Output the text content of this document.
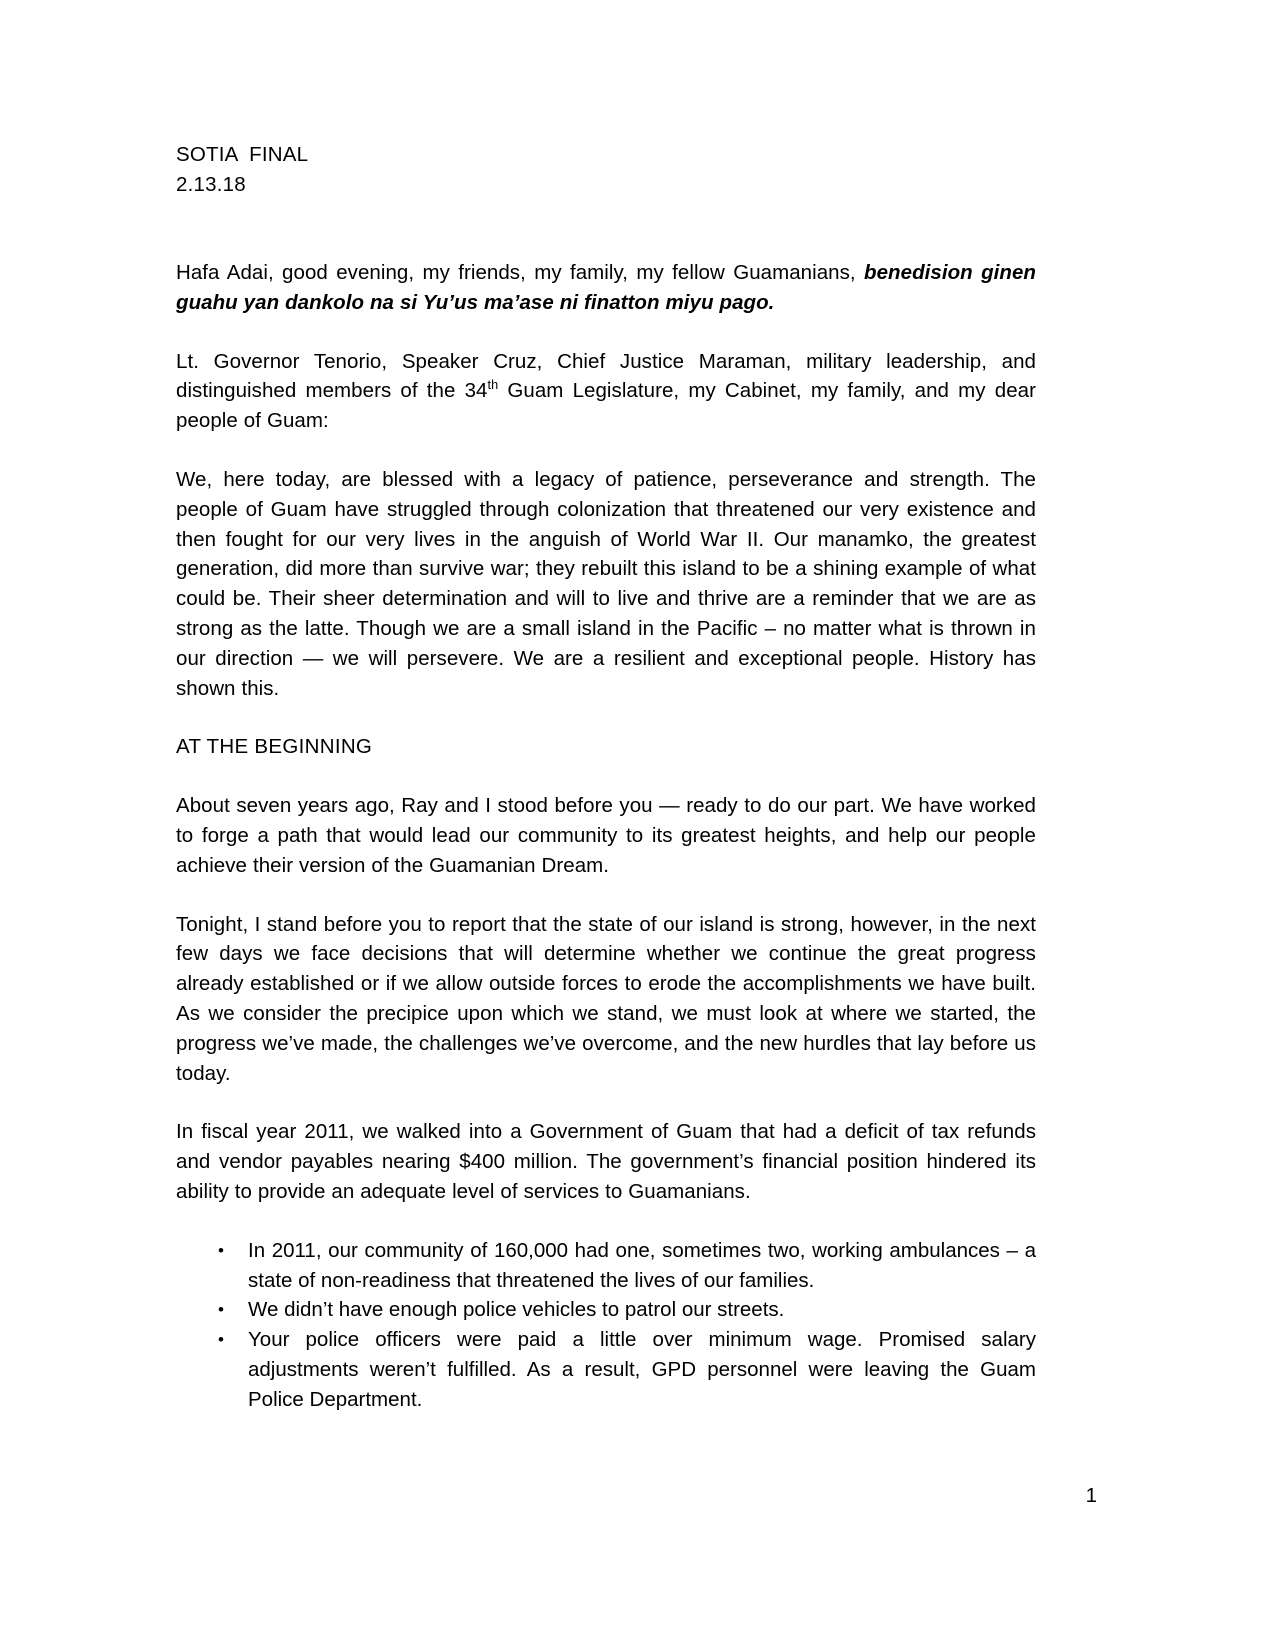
SOTIA  FINAL
2.13.18

Hafa Adai, good evening, my friends, my family, my fellow Guamanians, benedision ginen guahu yan dankolo na si Yu’us ma’ase ni finatton miyu pago.

Lt. Governor Tenorio, Speaker Cruz, Chief Justice Maraman, military leadership, and distinguished members of the 34th Guam Legislature, my Cabinet, my family, and my dear people of Guam:

We, here today, are blessed with a legacy of patience, perseverance and strength. The people of Guam have struggled through colonization that threatened our very existence and then fought for our very lives in the anguish of World War II. Our manamko, the greatest generation, did more than survive war; they rebuilt this island to be a shining example of what could be. Their sheer determination and will to live and thrive are a reminder that we are as strong as the latte. Though we are a small island in the Pacific – no matter what is thrown in our direction — we will persevere. We are a resilient and exceptional people. History has shown this.

AT THE BEGINNING

About seven years ago, Ray and I stood before you — ready to do our part. We have worked to forge a path that would lead our community to its greatest heights, and help our people achieve their version of the Guamanian Dream.

Tonight, I stand before you to report that the state of our island is strong, however, in the next few days we face decisions that will determine whether we continue the great progress already established or if we allow outside forces to erode the accomplishments we have built. As we consider the precipice upon which we stand, we must look at where we started, the progress we’ve made, the challenges we’ve overcome, and the new hurdles that lay before us today.

In fiscal year 2011, we walked into a Government of Guam that had a deficit of tax refunds and vendor payables nearing $400 million. The government’s financial position hindered its ability to provide an adequate level of services to Guamanians.

• In 2011, our community of 160,000 had one, sometimes two, working ambulances – a state of non-readiness that threatened the lives of our families.
• We didn’t have enough police vehicles to patrol our streets.
• Your police officers were paid a little over minimum wage. Promised salary adjustments weren’t fulfilled. As a result, GPD personnel were leaving the Guam Police Department.
1
